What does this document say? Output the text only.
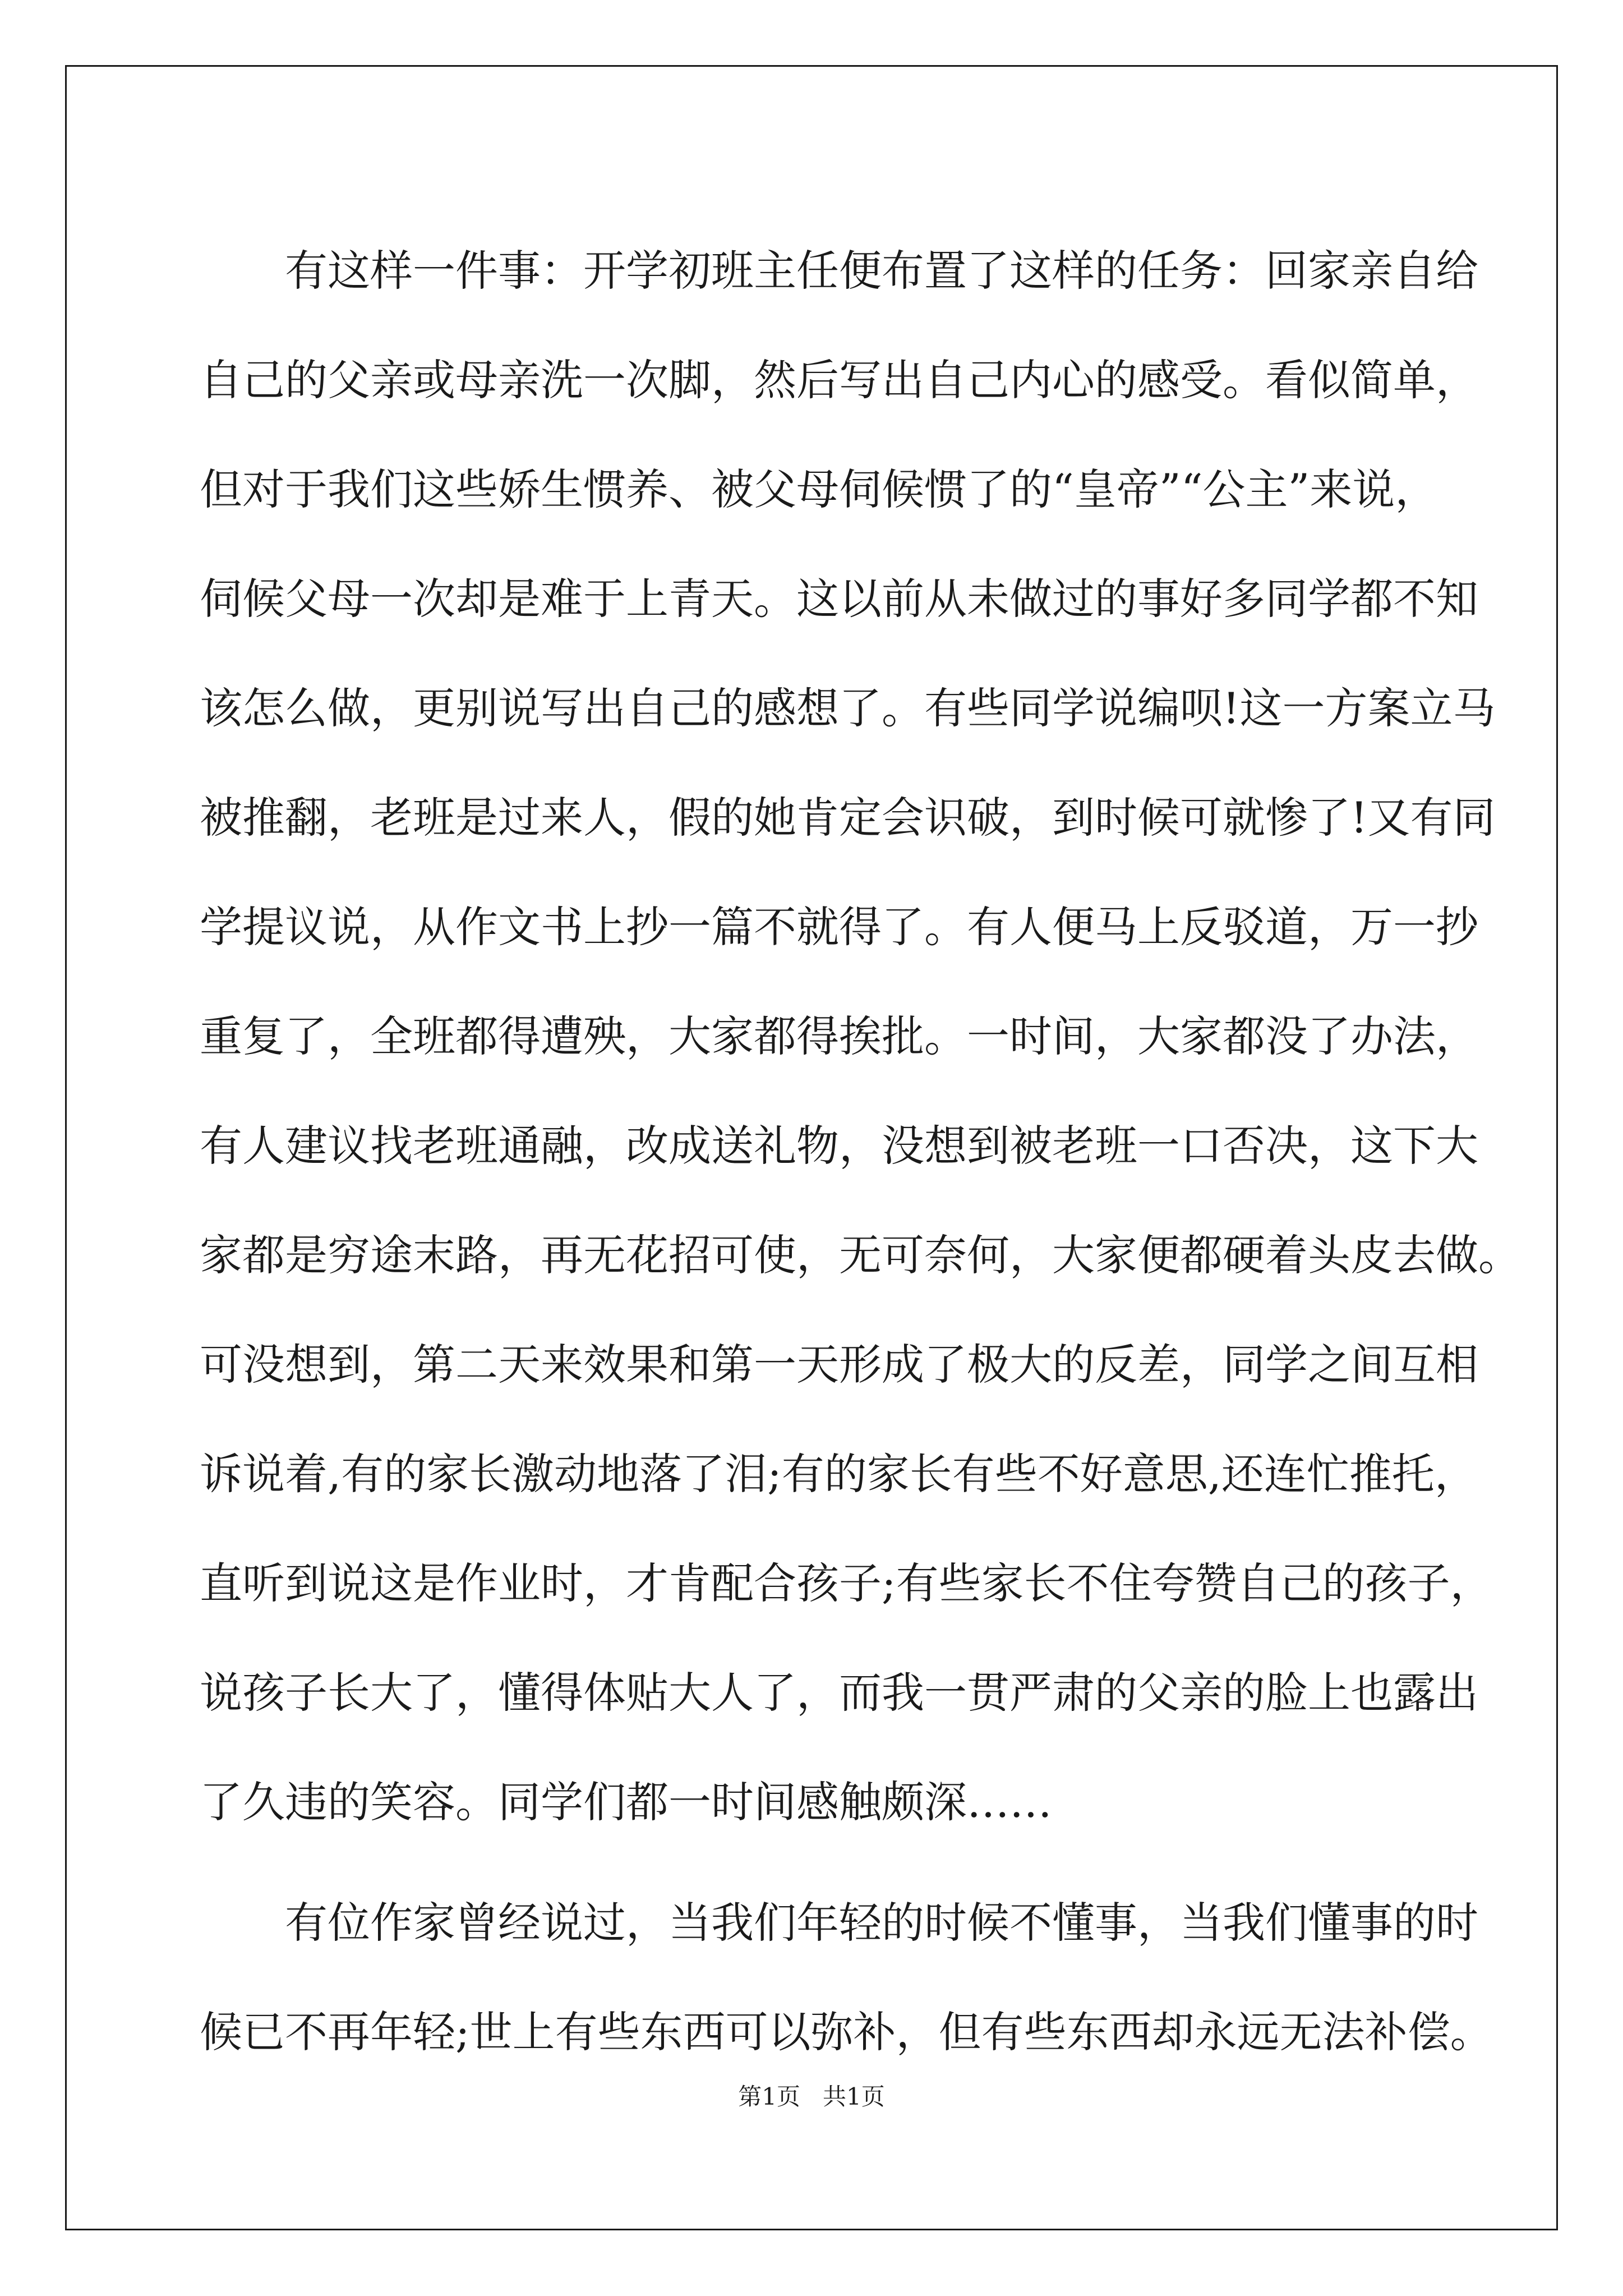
　　有这样一件事：开学初班主任便布置了这样的任务：回家亲自给
自己的父亲或母亲洗一次脚，然后写出自己内心的感受。看似简单，
但对于我们这些娇生惯养、被父母伺候惯了的“皇帝”“公主”来说，
伺候父母一次却是难于上青天。这以前从未做过的事好多同学都不知
该怎么做，更别说写出自己的感想了。有些同学说编呗!这一方案立马
被推翻，老班是过来人，假的她肯定会识破，到时候可就惨了!又有同
学提议说，从作文书上抄一篇不就得了。有人便马上反驳道，万一抄
重复了，全班都得遭殃，大家都得挨批。一时间，大家都没了办法，
有人建议找老班通融，改成送礼物，没想到被老班一口否决，这下大
家都是穷途末路，再无花招可使，无可奈何，大家便都硬着头皮去做。
可没想到，第二天来效果和第一天形成了极大的反差，同学之间互相
诉说着,有的家长激动地落了泪;有的家长有些不好意思,还连忙推托，
直听到说这是作业时，才肯配合孩子;有些家长不住夸赞自己的孩子，
说孩子长大了，懂得体贴大人了，而我一贯严肃的父亲的脸上也露出
了久违的笑容。同学们都一时间感触颇深……

　　有位作家曾经说过，当我们年轻的时候不懂事，当我们懂事的时
候已不再年轻;世上有些东西可以弥补，但有些东西却永远无法补偿。

第1页 共1页
